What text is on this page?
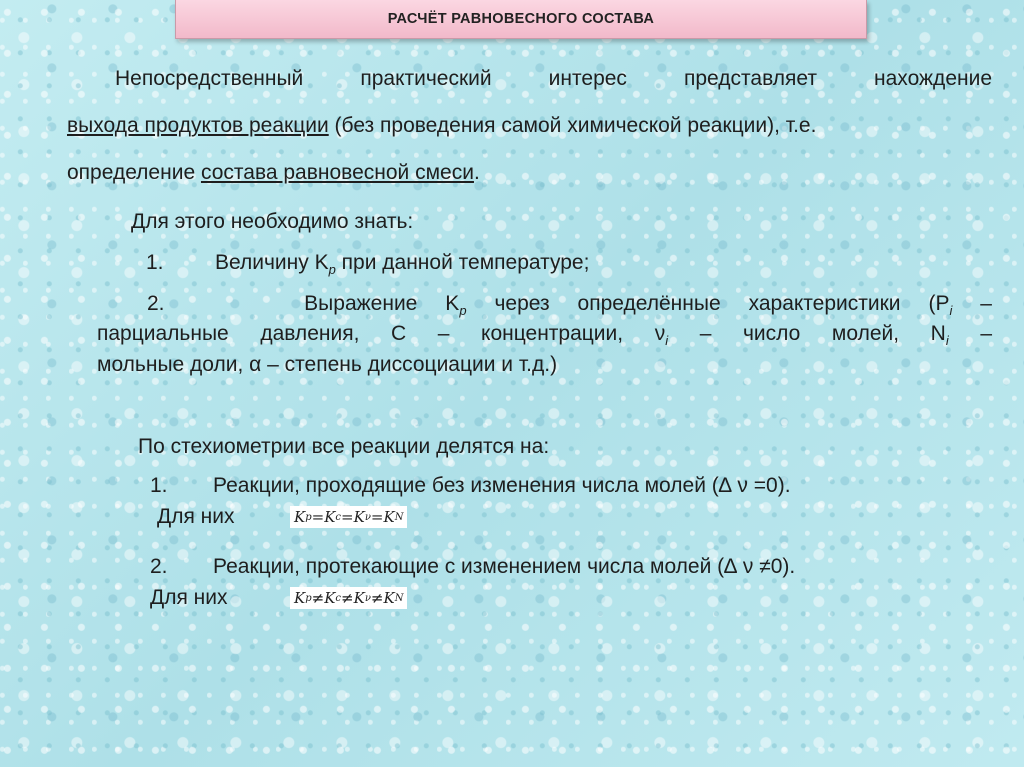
РАСЧЁТ РАВНОВЕСНОГО СОСТАВА
Непосредственный практический интерес представляет нахождение
выхода продуктов реакции (без проведения самой химической реакции), т.е.
определение состава равновесной смеси.
Для этого необходимо знать:
1. Величину $K_p$ при данной температуре;
2.	Выражение $K_p$ через определённые характеристики ($P_i$ –
парциальные давления, C – концентрации, $\nu_i$ – число молей, $N_i$ –
мольные доли, α – степень диссоциации и т.д.)
По стехиометрии все реакции делятся на:
1. Реакции, проходящие без изменения числа молей (∆ ν =0).
Для них	K p = K c = K ν = K N
2. Реакции, протекающие с изменением числа молей (∆ ν ≠0).
Для них	K p ≠ K c ≠ K ν ≠ K N
